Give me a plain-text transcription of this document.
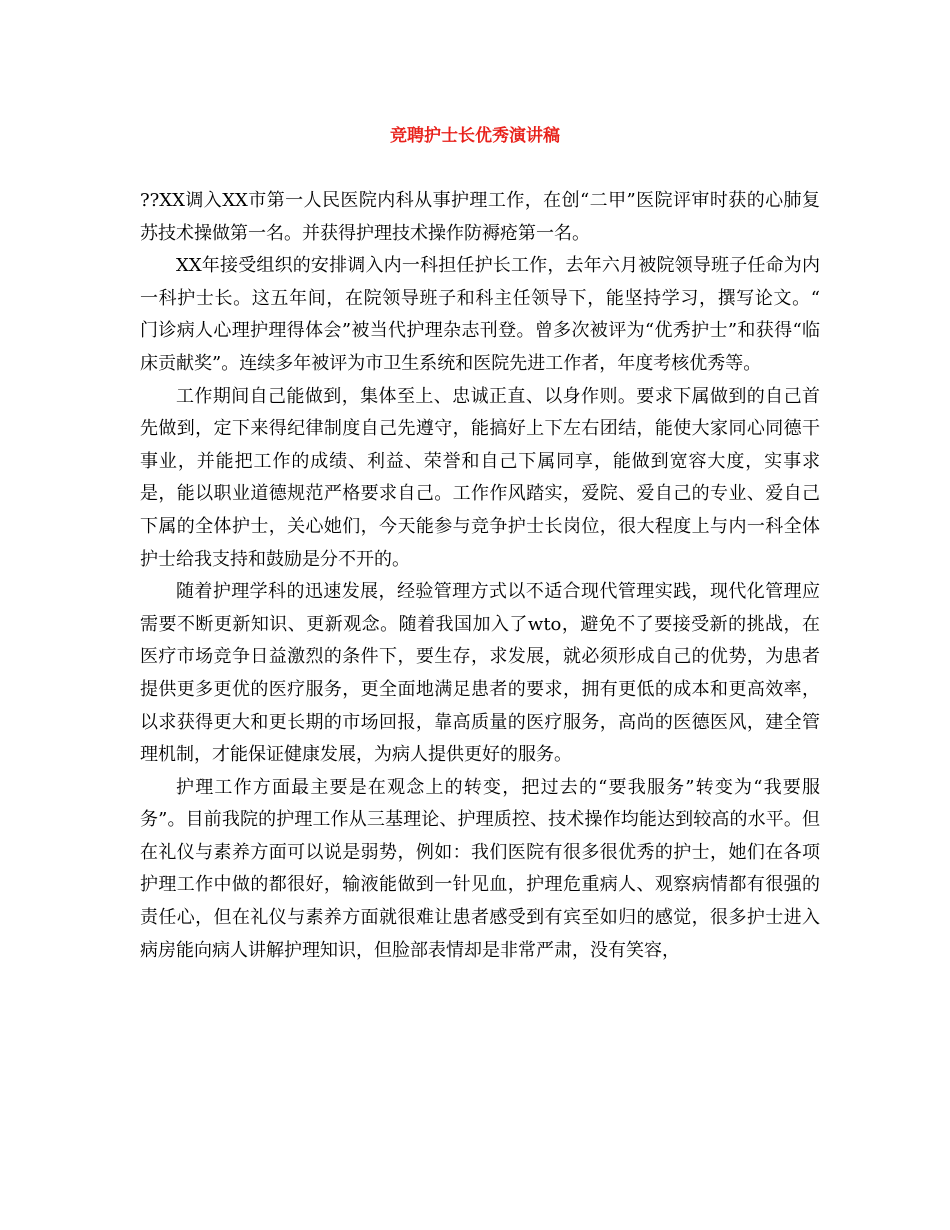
竞聘护士长优秀演讲稿

??XX调入XX市第一人民医院内科从事护理工作，在创“二甲”医院评审时获的心肺复苏技术操做第一名。并获得护理技术操作防褥疮第一名。

XX年接受组织的安排调入内一科担任护长工作，去年六月被院领导班子任命为内一科护士长。这五年间，在院领导班子和科主任领导下，能坚持学习，撰写论文。“ 门诊病人心理护理得体会”被当代护理杂志刊登。曾多次被评为“优秀护士”和获得“临床贡献奖”。连续多年被评为市卫生系统和医院先进工作者，年度考核优秀等。

工作期间自己能做到，集体至上、忠诚正直、以身作则。要求下属做到的自己首先做到，定下来得纪律制度自己先遵守，能搞好上下左右团结，能使大家同心同德干事业，并能把工作的成绩、利益、荣誉和自己下属同享，能做到宽容大度，实事求是，能以职业道德规范严格要求自己。工作作风踏实，爱院、爱自己的专业、爱自己下属的全体护士，关心她们，今天能参与竞争护士长岗位，很大程度上与内一科全体护士给我支持和鼓励是分不开的。

随着护理学科的迅速发展，经验管理方式以不适合现代管理实践，现代化管理应需要不断更新知识、更新观念。随着我国加入了wto，避免不了要接受新的挑战，在医疗市场竞争日益激烈的条件下，要生存，求发展，就必须形成自己的优势，为患者提供更多更优的医疗服务，更全面地满足患者的要求，拥有更低的成本和更高效率，以求获得更大和更长期的市场回报，靠高质量的医疗服务，高尚的医德医风，建全管理机制，才能保证健康发展，为病人提供更好的服务。

护理工作方面最主要是在观念上的转变，把过去的“要我服务”转变为“我要服务”。目前我院的护理工作从三基理论、护理质控、技术操作均能达到较高的水平。但在礼仪与素养方面可以说是弱势，例如：我们医院有很多很优秀的护士，她们在各项护理工作中做的都很好，输液能做到一针见血，护理危重病人、观察病情都有很强的责任心，但在礼仪与素养方面就很难让患者感受到有宾至如归的感觉，很多护士进入病房能向病人讲解护理知识，但脸部表情却是非常严肃，没有笑容，
